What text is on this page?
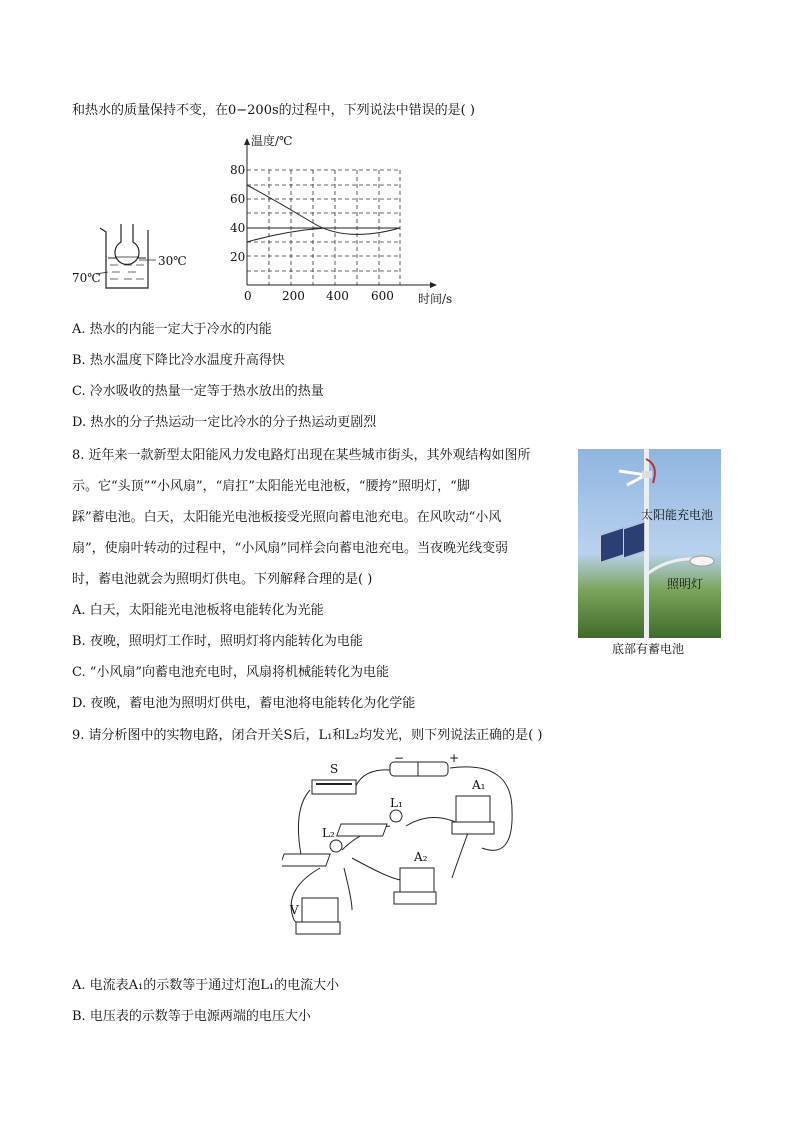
和热水的质量保持不变，在0−200s的过程中，下列说法中错误的是( )
30℃
70℃
温度/℃
80
60
40
20
0	200 400 600 时间/s
A. 热水的内能一定大于冷水的内能
B. 热水温度下降比冷水温度升高得快
C. 冷水吸收的热量一定等于热水放出的热量
D. 热水的分子热运动一定比冷水的分子热运动更剧烈
8. 近年来一款新型太阳能风力发电路灯出现在某些城市街头，其外观结构如图所
示。它“头顶”“小风扇”，“肩扛”太阳能光电池板，“腰挎”照明灯，“脚
踩”蓄电池。白天，太阳能光电池板接受光照向蓄电池充电。在风吹动“小风
扇”，使扇叶转动的过程中，“小风扇”同样会向蓄电池充电。当夜晚光线变弱
时，蓄电池就会为照明灯供电。下列解释合理的是( )
太阳能充电池
照明灯
底部有蓄电池
A. 白天，太阳能光电池板将电能转化为光能
B. 夜晚，照明灯工作时，照明灯将内能转化为电能
C. “小风扇”向蓄电池充电时，风扇将机械能转化为电能
D. 夜晚，蓄电池为照明灯供电，蓄电池将电能转化为化学能
9. 请分析图中的实物电路，闭合开关S后，L₁和L₂均发光，则下列说法正确的是( )
S
−	+
L₁
L₂
A₁
A₂
V
A. 电流表A₁的示数等于通过灯泡L₁的电流大小
B. 电压表的示数等于电源两端的电压大小
